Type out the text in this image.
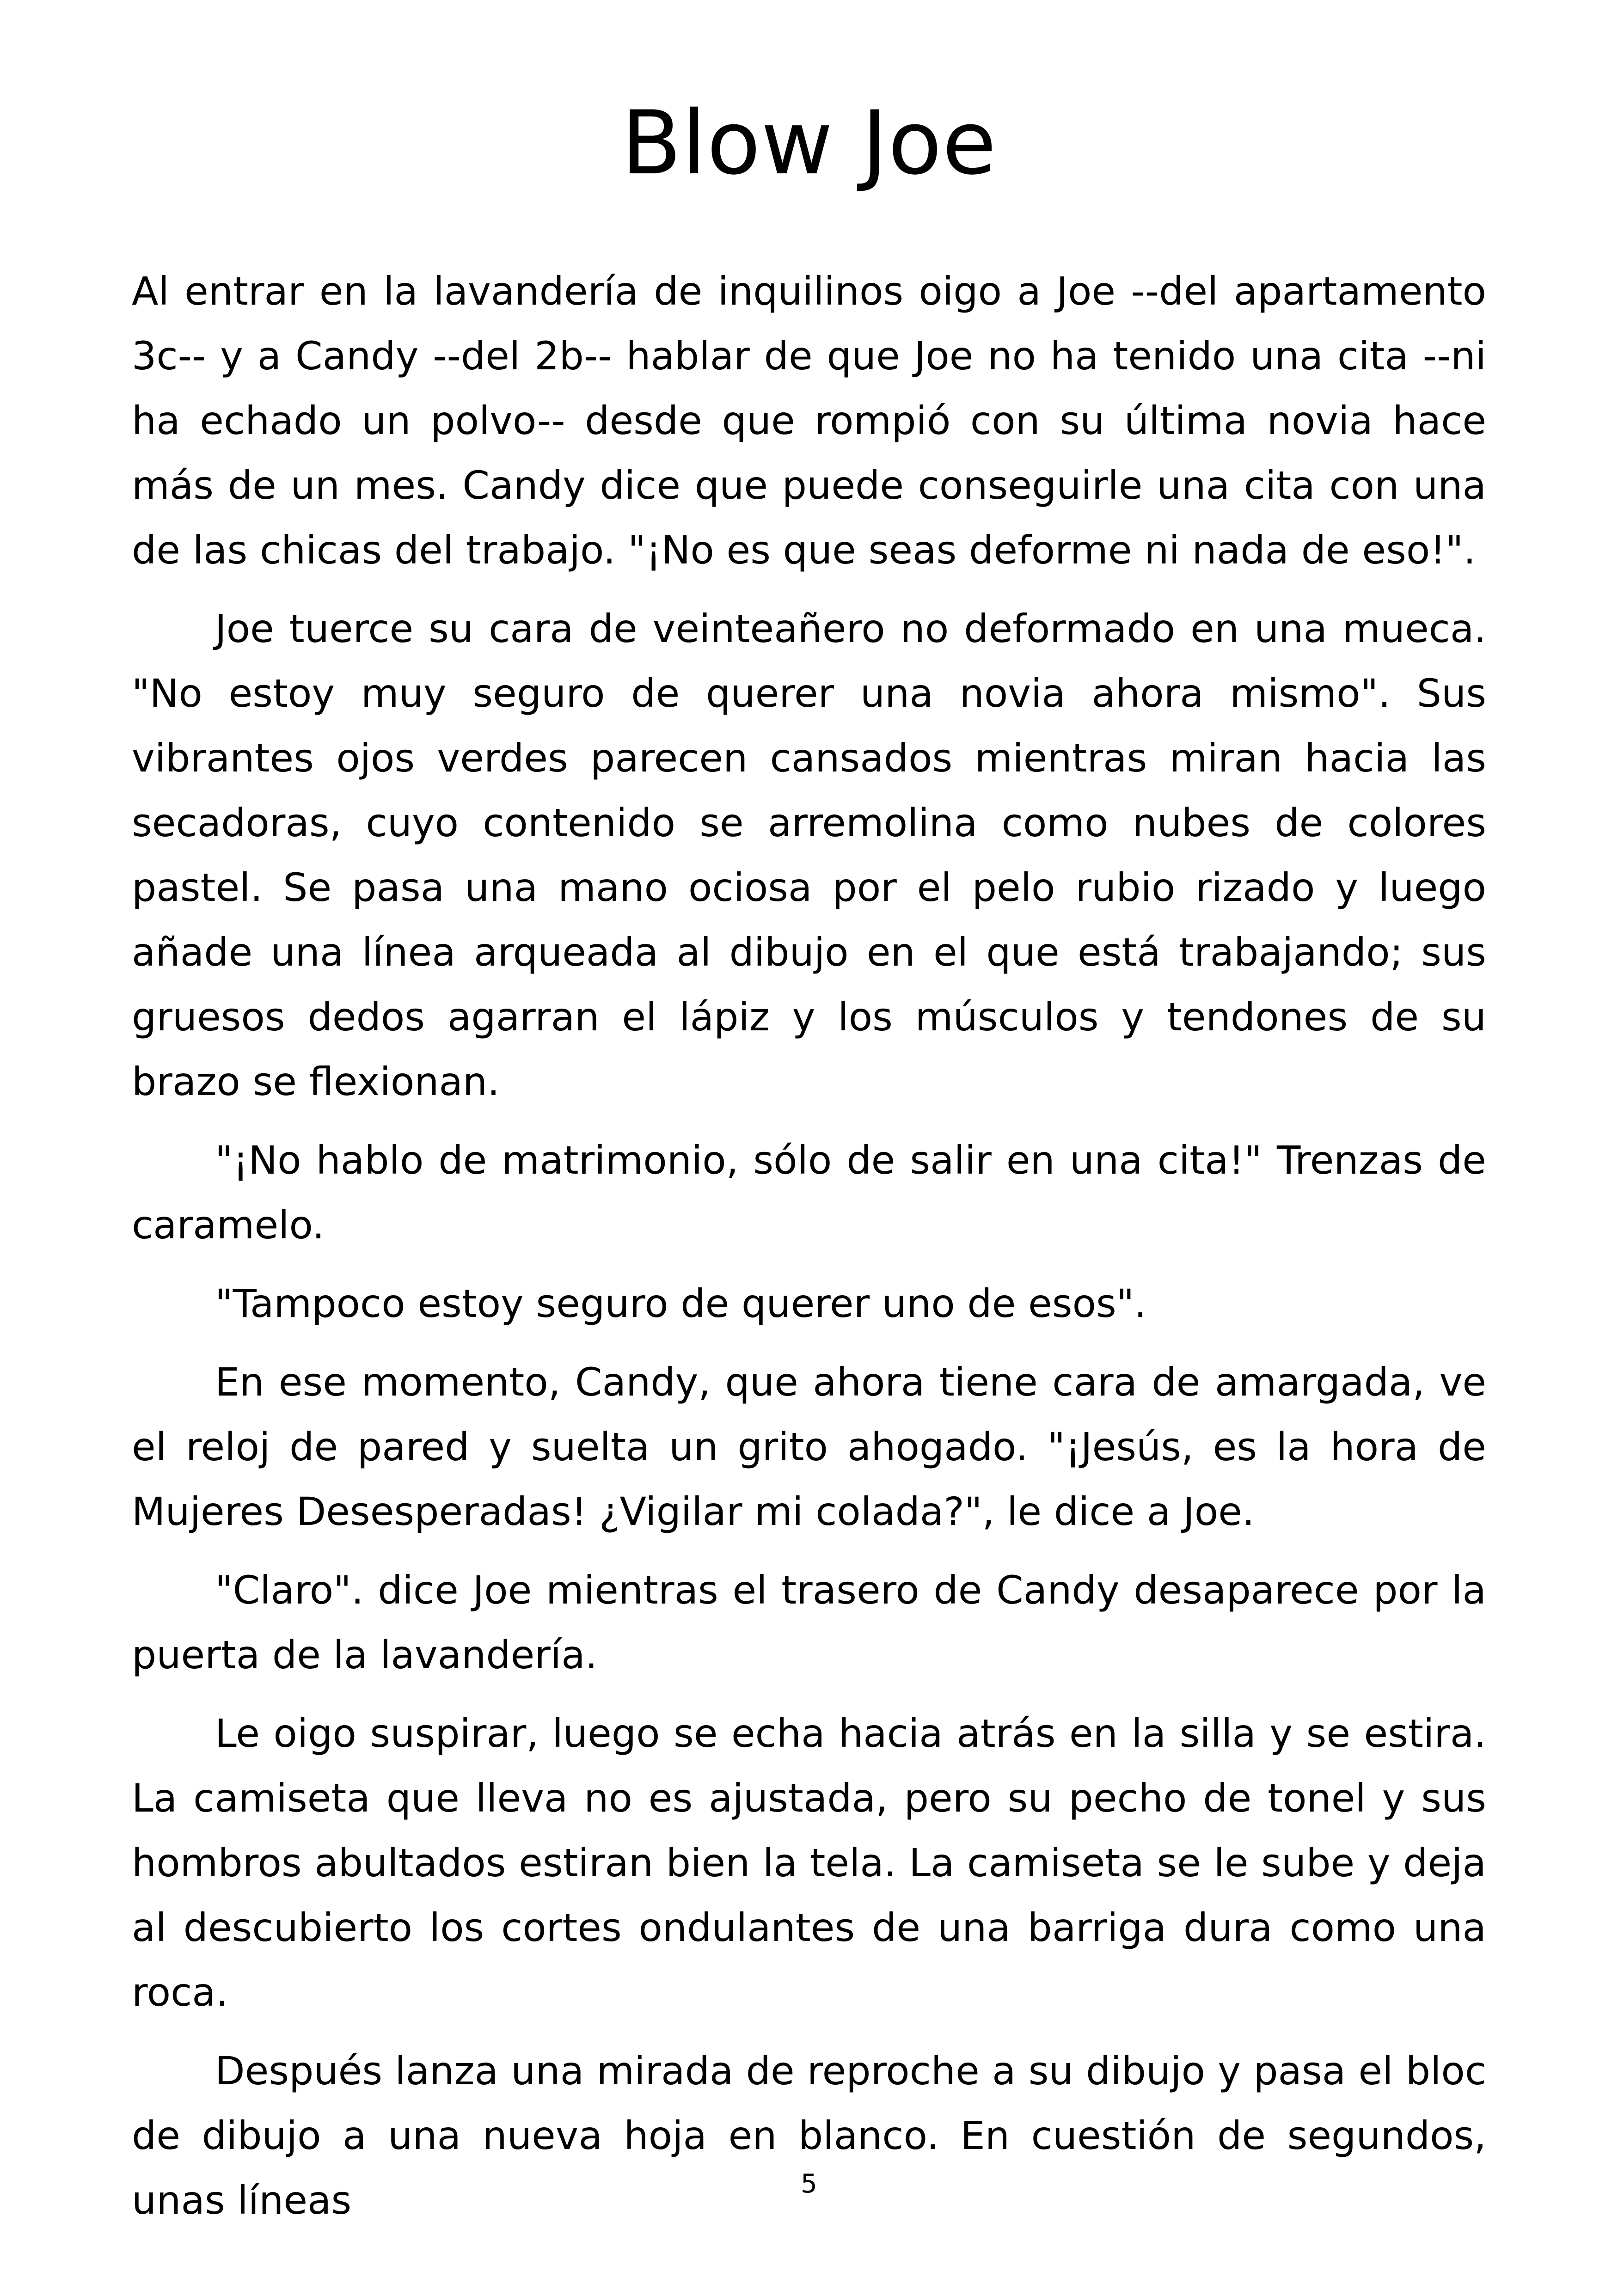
Blow Joe

Al entrar en la lavandería de inquilinos oigo a Joe --del apartamento 3c-- y a Candy --del 2b-- hablar de que Joe no ha tenido una cita --ni ha echado un polvo-- desde que rompió con su última novia hace más de un mes. Candy dice que puede conseguirle una cita con una de las chicas del trabajo. "¡No es que seas deforme ni nada de eso!".

Joe tuerce su cara de veinteañero no deformado en una mueca. "No estoy muy seguro de querer una novia ahora mismo". Sus vibrantes ojos verdes parecen cansados mientras miran hacia las secadoras, cuyo contenido se arremolina como nubes de colores pastel. Se pasa una mano ociosa por el pelo rubio rizado y luego añade una línea arqueada al dibujo en el que está trabajando; sus gruesos dedos agarran el lápiz y los músculos y tendones de su brazo se flexionan.

"¡No hablo de matrimonio, sólo de salir en una cita!" Trenzas de caramelo.

"Tampoco estoy seguro de querer uno de esos".

En ese momento, Candy, que ahora tiene cara de amargada, ve el reloj de pared y suelta un grito ahogado. "¡Jesús, es la hora de Mujeres Desesperadas! ¿Vigilar mi colada?", le dice a Joe.

"Claro". dice Joe mientras el trasero de Candy desaparece por la puerta de la lavandería.

Le oigo suspirar, luego se echa hacia atrás en la silla y se estira. La camiseta que lleva no es ajustada, pero su pecho de tonel y sus hombros abultados estiran bien la tela. La camiseta se le sube y deja al descubierto los cortes ondulantes de una barriga dura como una roca.

Después lanza una mirada de reproche a su dibujo y pasa el bloc de dibujo a una nueva hoja en blanco. En cuestión de segundos, unas líneas	5
